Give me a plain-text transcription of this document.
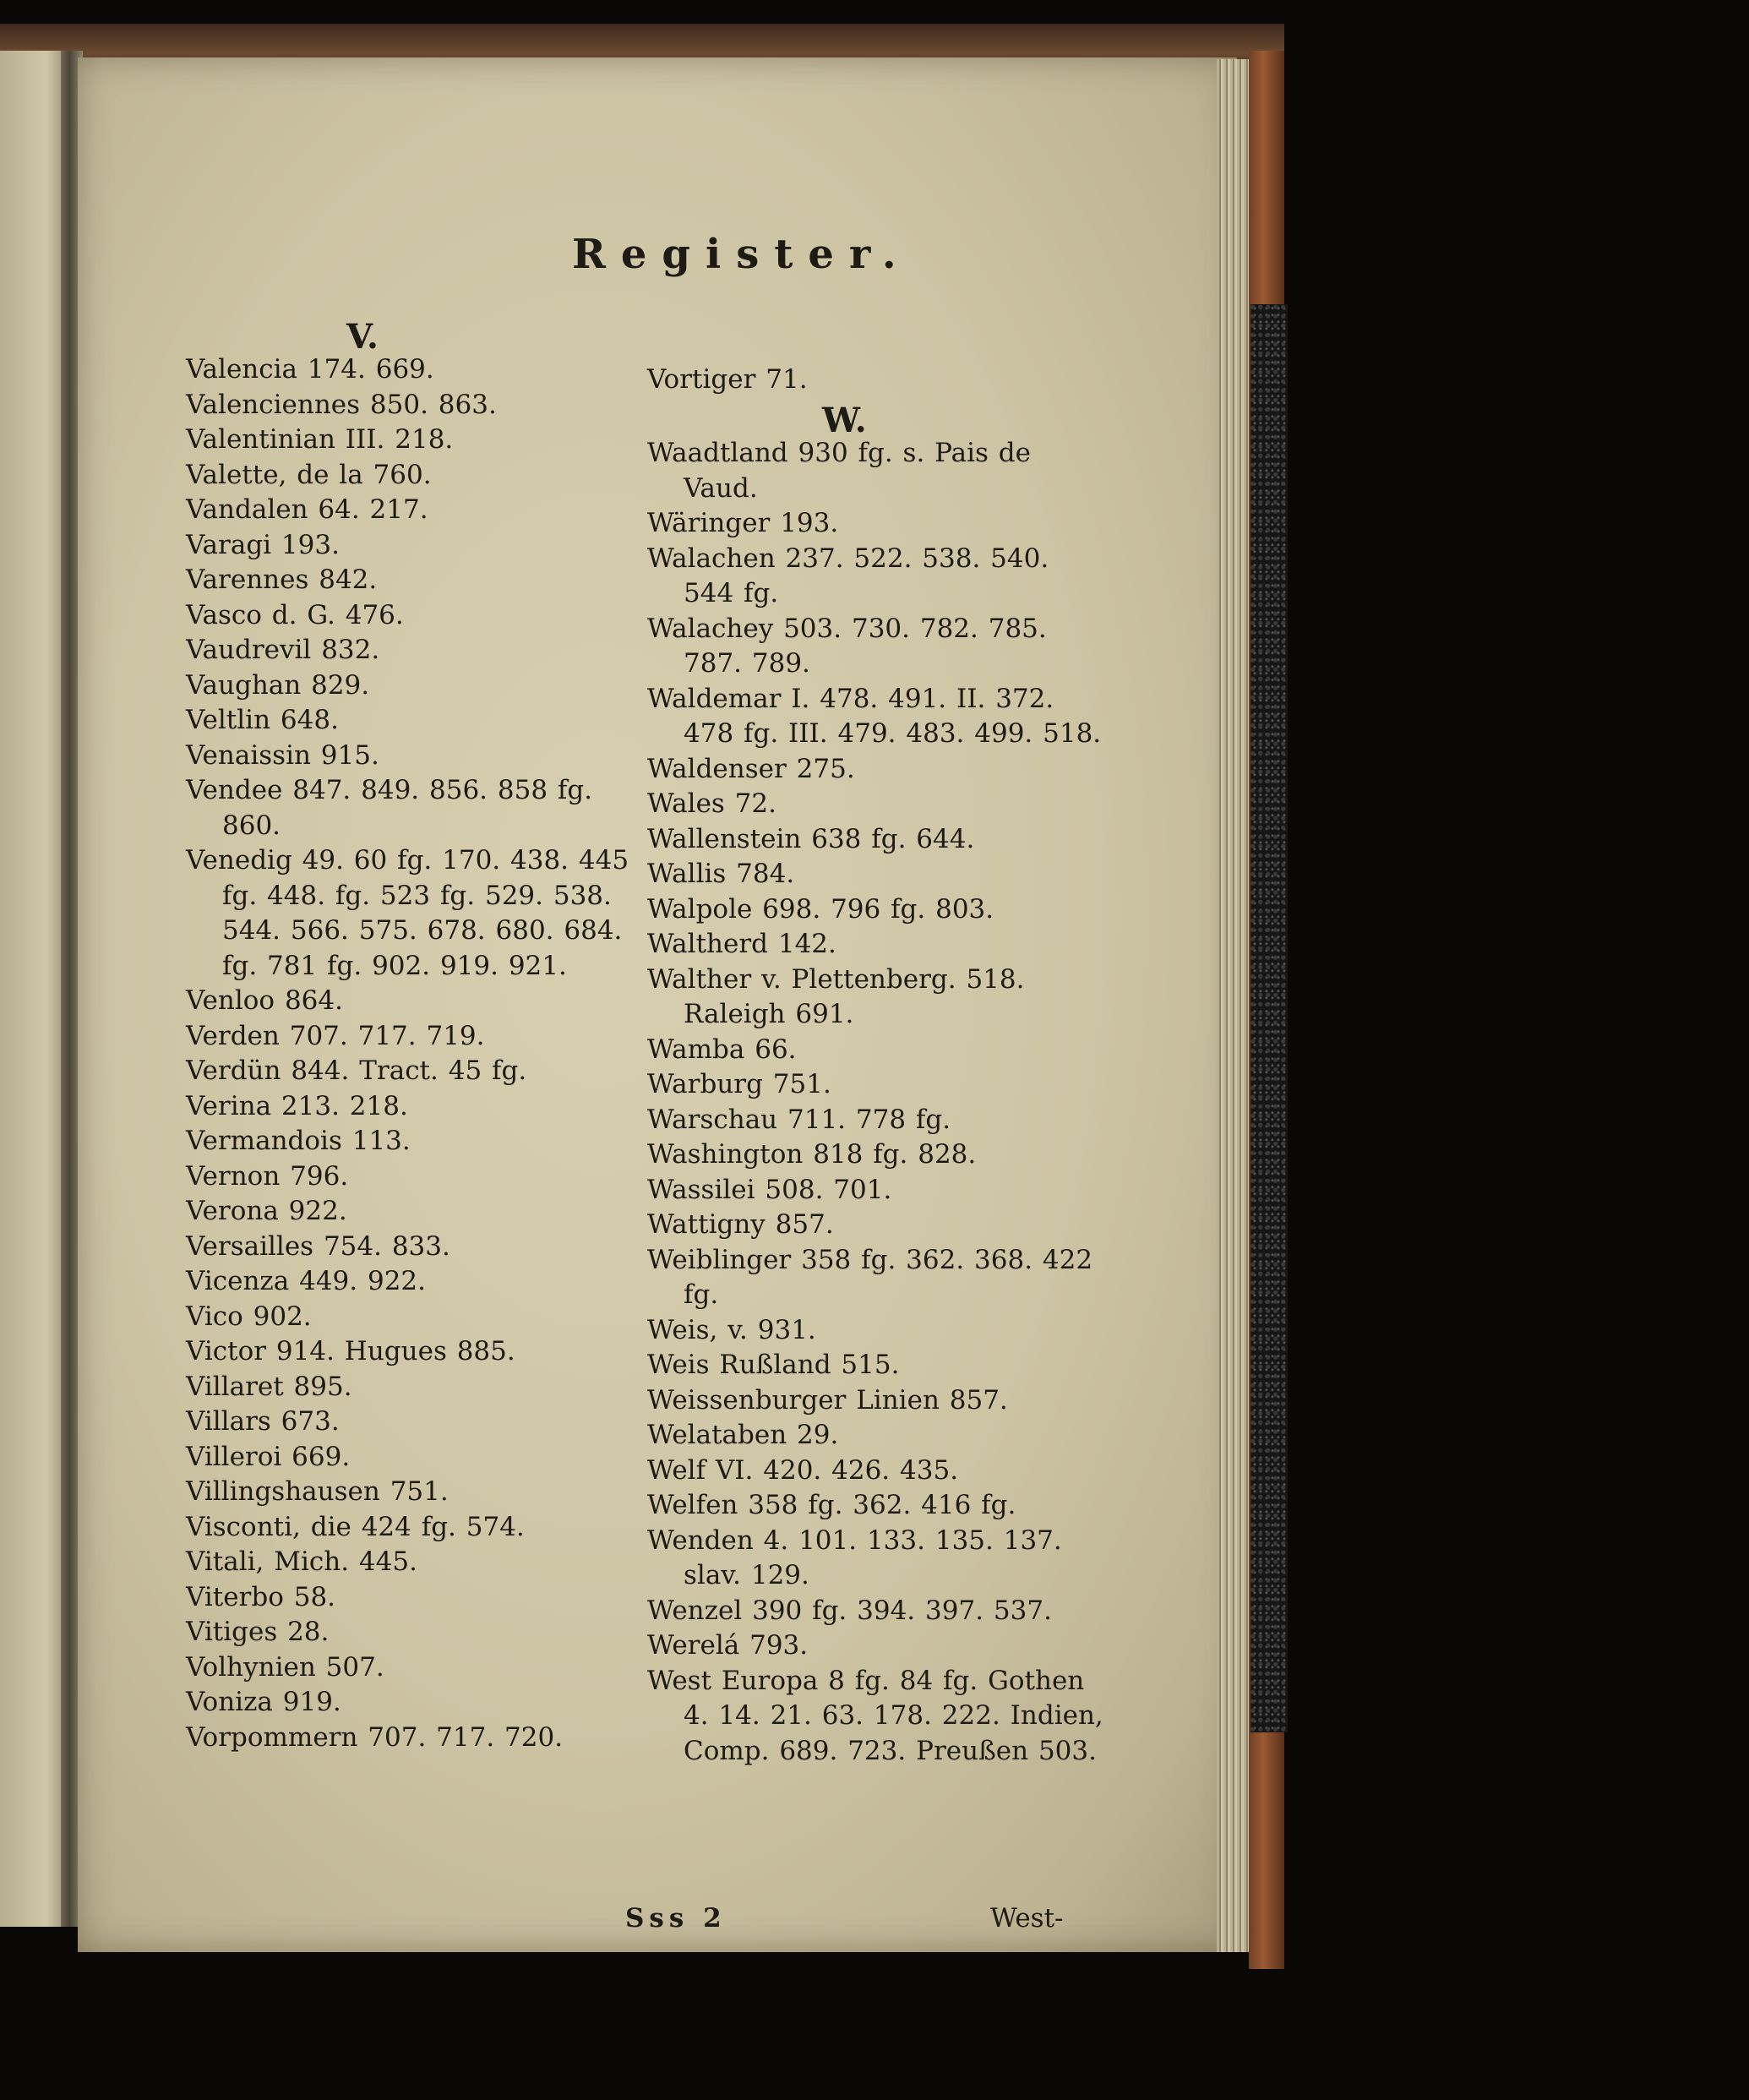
Register.
V.
Valencia 174. 669.
Valenciennes 850. 863.
Valentinian III. 218.
Valette, de la 760.
Vandalen 64. 217.
Varagi 193.
Varennes 842.
Vasco d. G. 476.
Vaudrevil 832.
Vaughan 829.
Veltlin 648.
Venaissin 915.
Vendee 847. 849. 856. 858 fg. 860.
Venedig 49. 60 fg. 170. 438. 445 fg. 448. fg. 523 fg. 529. 538. 544. 566. 575. 678. 680. 684. fg. 781 fg. 902. 919. 921.
Venloo 864.
Verden 707. 717. 719.
Verdün 844. Tract. 45 fg.
Verina 213. 218.
Vermandois 113.
Vernon 796.
Verona 922.
Versailles 754. 833.
Vicenza 449. 922.
Vico 902.
Victor 914. Hugues 885.
Villaret 895.
Villars 673.
Villeroi 669.
Villingshausen 751.
Visconti, die 424 fg. 574.
Vitali, Mich. 445.
Viterbo 58.
Vitiges 28.
Volhynien 507.
Voniza 919.
Vorpommern 707. 717. 720.
Vortiger 71.
W.
Waadtland 930 fg. s. Pais de Vaud.
Wäringer 193.
Walachen 237. 522. 538. 540. 544 fg.
Walachey 503. 730. 782. 785. 787. 789.
Waldemar I. 478. 491. II. 372. 478 fg. III. 479. 483. 499. 518.
Waldenser 275.
Wales 72.
Wallenstein 638 fg. 644.
Wallis 784.
Walpole 698. 796 fg. 803.
Waltherd 142.
Walther v. Plettenberg. 518. Raleigh 691.
Wamba 66.
Warburg 751.
Warschau 711. 778 fg.
Washington 818 fg. 828.
Wassilei 508. 701.
Wattigny 857.
Weiblinger 358 fg. 362. 368. 422 fg.
Weis, v. 931.
Weis Rußland 515.
Weissenburger Linien 857.
Welataben 29.
Welf VI. 420. 426. 435.
Welfen 358 fg. 362. 416 fg.
Wenden 4. 101. 133. 135. 137. slav. 129.
Wenzel 390 fg. 394. 397. 537.
Werelá 793.
West Europa 8 fg. 84 fg. Gothen 4. 14. 21. 63. 178. 222. Indien, Comp. 689. 723. Preußen 503.
Sss 2	West-
